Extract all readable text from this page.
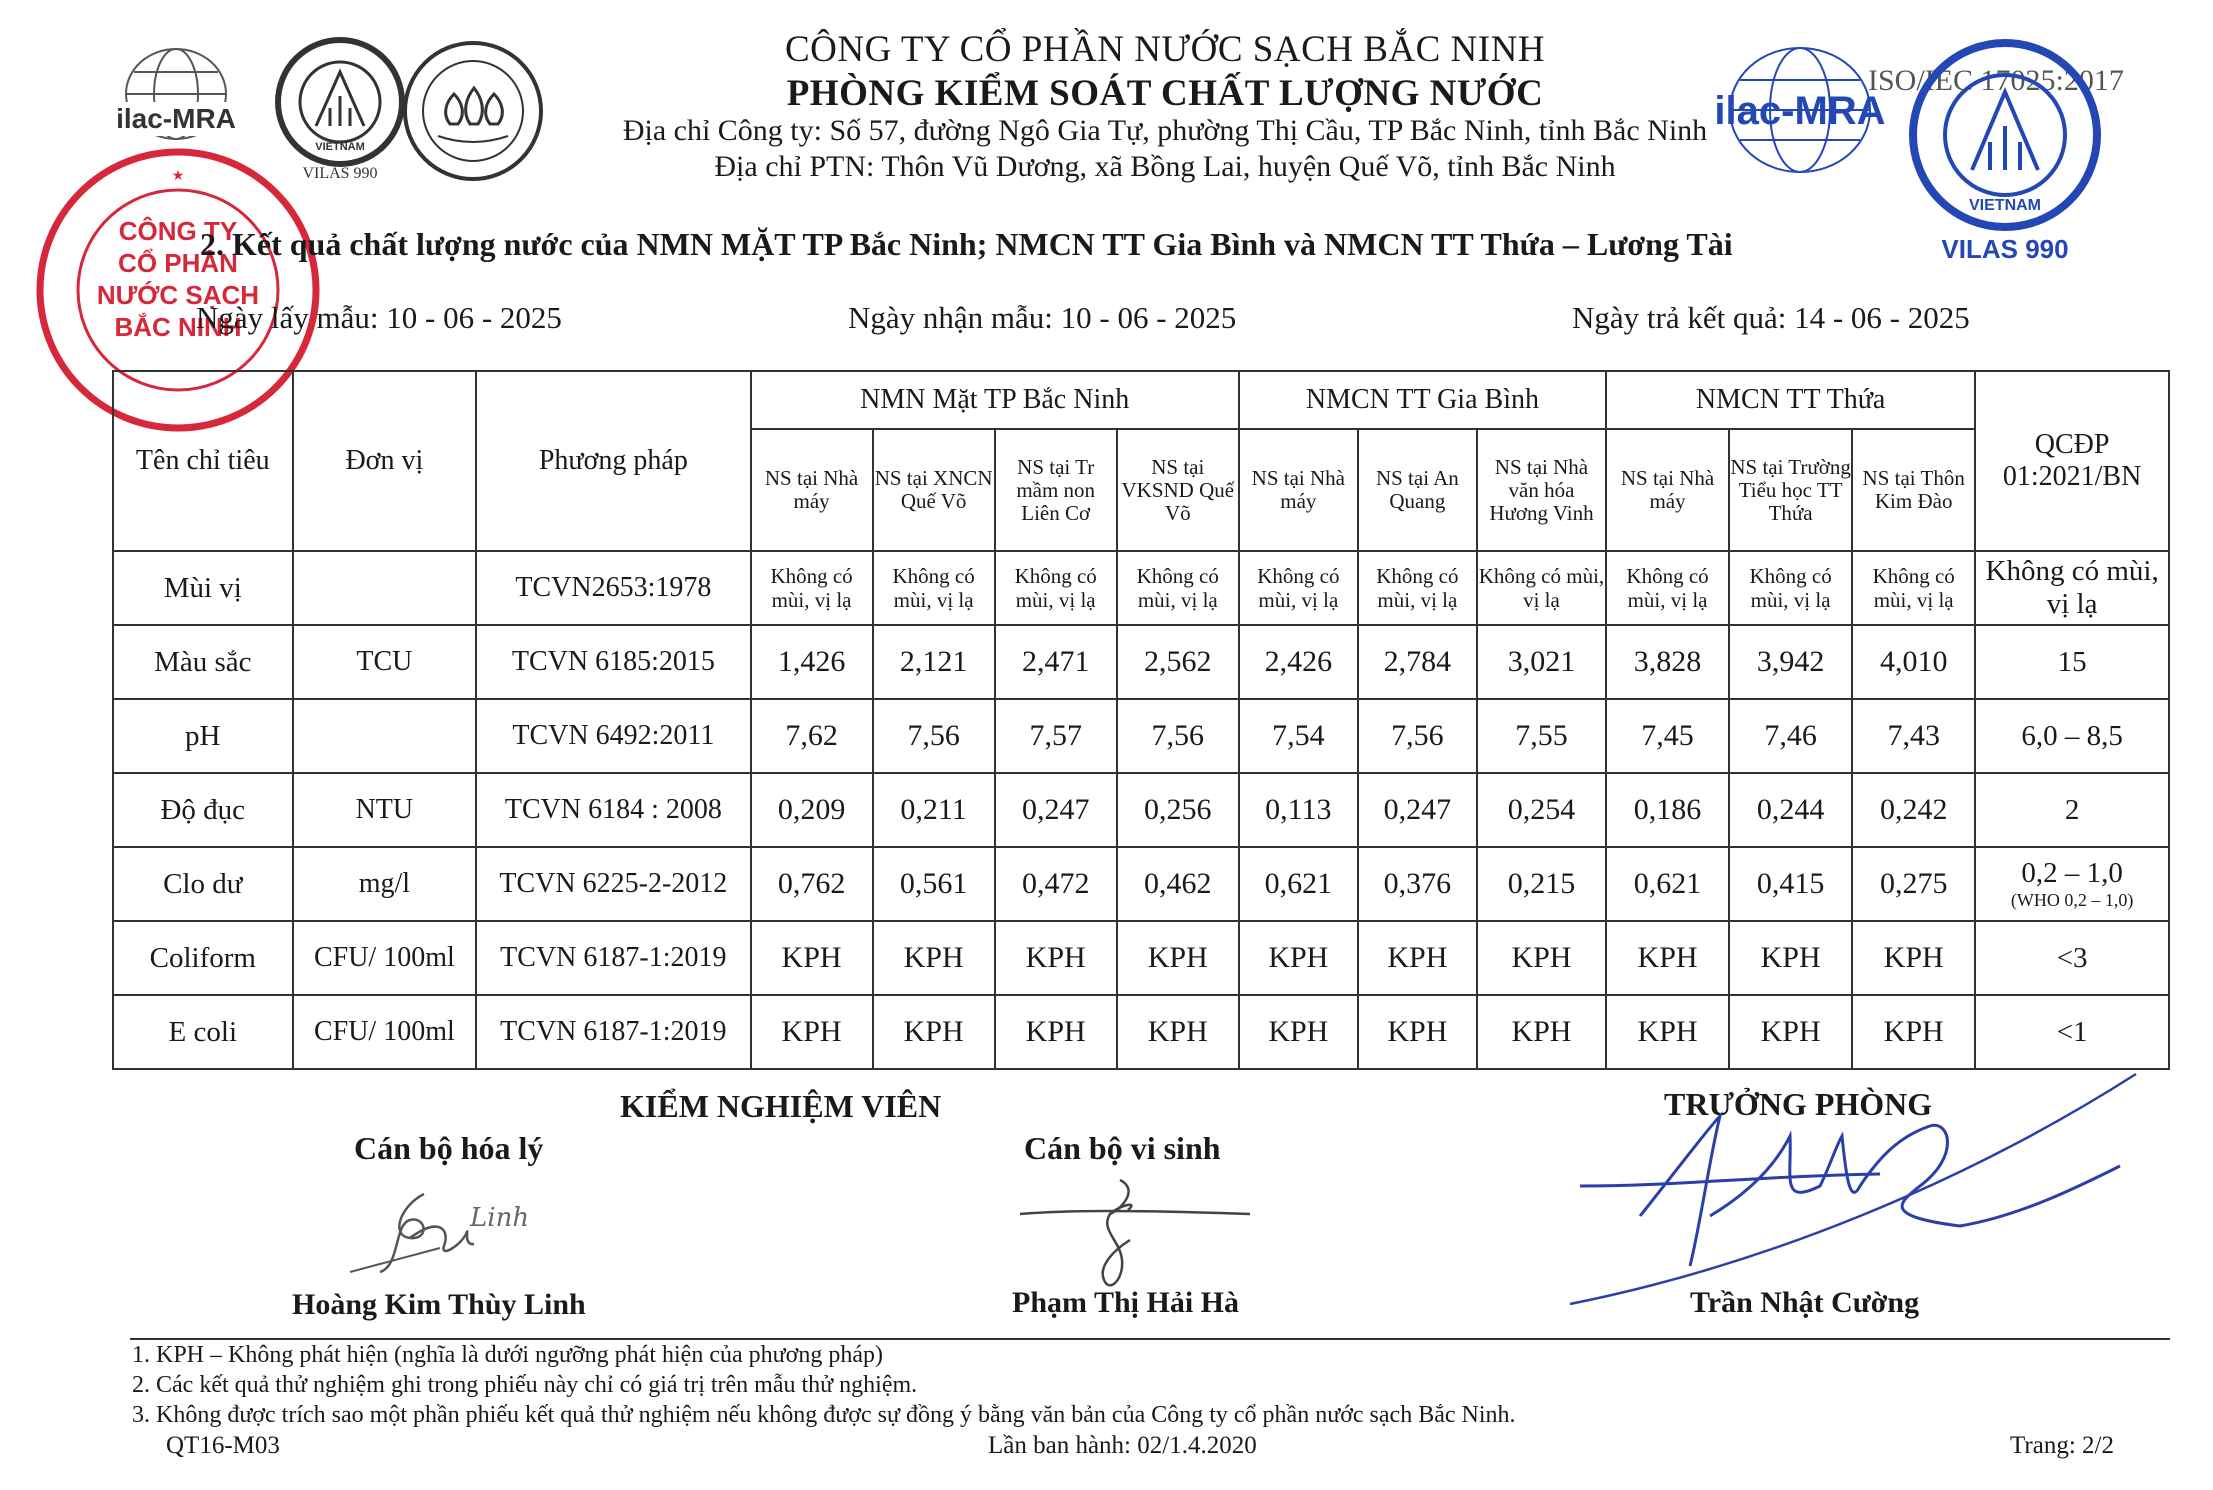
ilac-MRA
VIETNAM
VILAS 990
CÔNG TY
CỔ PHẦN
NƯỚC SẠCH
BẮC NINH
★
CÔNG TY CỔ PHẦN NƯỚC SẠCH BẮC NINH
PHÒNG KIỂM SOÁT CHẤT LƯỢNG NƯỚC
Địa chỉ Công ty: Số 57, đường Ngô Gia Tự, phường Thị Cầu, TP Bắc Ninh, tỉnh Bắc Ninh
Địa chỉ PTN: Thôn Vũ Dương, xã Bồng Lai, huyện Quế Võ, tỉnh Bắc Ninh
ISO/IEC 17025:2017
ilac-MRA
VIETNAM
VILAS 990
2. Kết quả chất lượng nước của NMN MẶT TP Bắc Ninh; NMCN TT Gia Bình và NMCN TT Thứa – Lương Tài
Ngày lấy mẫu: 10 - 06 - 2025	Ngày nhận mẫu: 10 - 06 - 2025	Ngày trả kết quả: 14 - 06 - 2025
Tên chỉ tiêu	Đơn vị	Phương pháp	NMN Mặt TP Bắc Ninh				NMCN TT Gia Bình			NMCN TT Thứa			QCĐP 01:2021/BN
			NS tại Nhà máy	NS tại XNCN Quế Võ	NS tại Tr mầm non Liên Cơ	NS tại VKSND Quế Võ	NS tại Nhà máy	NS tại An Quang	NS tại Nhà văn hóa Hương Vinh	NS tại Nhà máy	NS tại Trường Tiểu học TT Thứa	NS tại Thôn Kim Đào	
Mùi vị		TCVN2653:1978	Không có mùi, vị lạ	Không có mùi, vị lạ	Không có mùi, vị lạ	Không có mùi, vị lạ	Không có mùi, vị lạ	Không có mùi, vị lạ	Không có mùi, vị lạ	Không có mùi, vị lạ	Không có mùi, vị lạ	Không có mùi, vị lạ	Không có mùi, vị lạ
Màu sắc	TCU	TCVN 6185:2015	1,426	2,121	2,471	2,562	2,426	2,784	3,021	3,828	3,942	4,010	15
pH		TCVN 6492:2011	7,62	7,56	7,57	7,56	7,54	7,56	7,55	7,45	7,46	7,43	6,0 – 8,5
Độ đục	NTU	TCVN 6184 : 2008	0,209	0,211	0,247	0,256	0,113	0,247	0,254	0,186	0,244	0,242	2
Clo dư	mg/l	TCVN 6225-2-2012	0,762	0,561	0,472	0,462	0,621	0,376	0,215	0,621	0,415	0,275	0,2 – 1,0
(WHO 0,2 – 1,0)

Coliform	CFU/ 100ml	TCVN 6187-1:2019	KPH	KPH	KPH	KPH	KPH	KPH	KPH	KPH	KPH	KPH	<3
E coli	CFU/ 100ml	TCVN 6187-1:2019	KPH	KPH	KPH	KPH	KPH	KPH	KPH	KPH	KPH	KPH	<1
KIỂM NGHIỆM VIÊN
Cán bộ hóa lý	Cán bộ vi sinh
TRƯỞNG PHÒNG
Linh
Hoàng Kim Thùy Linh	Phạm Thị Hải Hà	Trần Nhật Cường
1. KPH – Không phát hiện (nghĩa là dưới ngưỡng phát hiện của phương pháp)
2. Các kết quả thử nghiệm ghi trong phiếu này chỉ có giá trị trên mẫu thử nghiệm.
3. Không được trích sao một phần phiếu kết quả thử nghiệm nếu không được sự đồng ý bằng văn bản của Công ty cổ phần nước sạch Bắc Ninh.
QT16-M03	Lần ban hành: 02/1.4.2020	Trang: 2/2
